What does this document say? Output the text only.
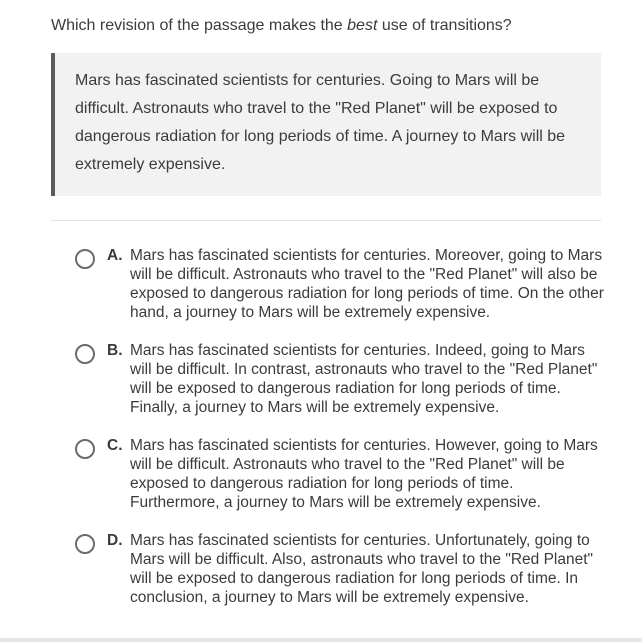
Which revision of the passage makes the best use of transitions?

Mars has fascinated scientists for centuries. Going to Mars will be difficult. Astronauts who travel to the "Red Planet" will be exposed to dangerous radiation for long periods of time. A journey to Mars will be extremely expensive.

A. Mars has fascinated scientists for centuries. Moreover, going to Mars will be difficult. Astronauts who travel to the "Red Planet" will also be exposed to dangerous radiation for long periods of time. On the other hand, a journey to Mars will be extremely expensive.
B. Mars has fascinated scientists for centuries. Indeed, going to Mars will be difficult. In contrast, astronauts who travel to the "Red Planet" will be exposed to dangerous radiation for long periods of time. Finally, a journey to Mars will be extremely expensive.
C. Mars has fascinated scientists for centuries. However, going to Mars will be difficult. Astronauts who travel to the "Red Planet" will be exposed to dangerous radiation for long periods of time. Furthermore, a journey to Mars will be extremely expensive.
D. Mars has fascinated scientists for centuries. Unfortunately, going to Mars will be difficult. Also, astronauts who travel to the "Red Planet" will be exposed to dangerous radiation for long periods of time. In conclusion, a journey to Mars will be extremely expensive.
